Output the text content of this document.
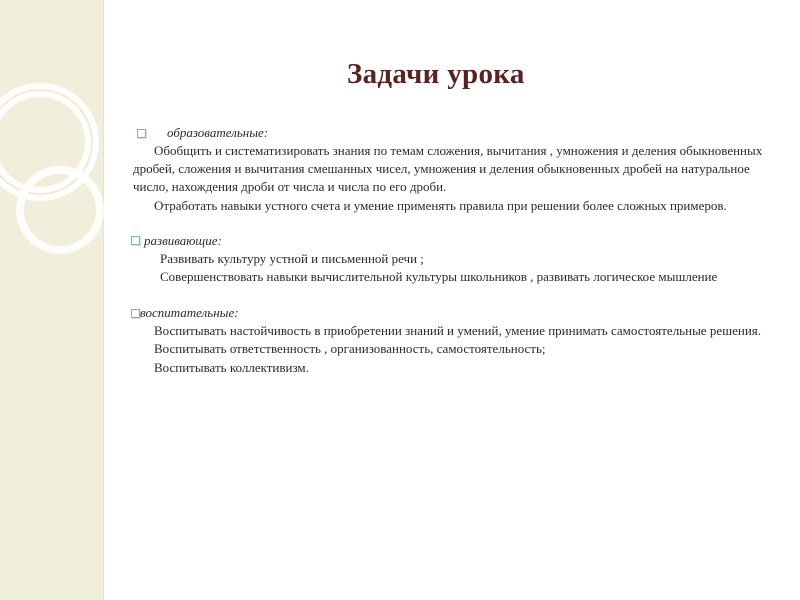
Задачи урока
образовательные:

Обобщить и систематизировать знания по темам сложения, вычитания , умножения и деления обыкновенных дробей, сложения и вычитания смешанных чисел, умножения и деления обыкновенных дробей на натуральное число, нахождения дроби от числа и числа по его дроби.

Отработать навыки устного счета и умение применять правила при решении более сложных примеров.

развивающие:

Развивать культуру устной и письменной речи ;

Совершенствовать навыки вычислительной культуры школьников , развивать логическое мышление

воспитательные:

Воспитывать настойчивость в приобретении знаний и умений, умение принимать самостоятельные решения.

Воспитывать ответственность , организованность, самостоятельность;

Воспитывать коллективизм.
